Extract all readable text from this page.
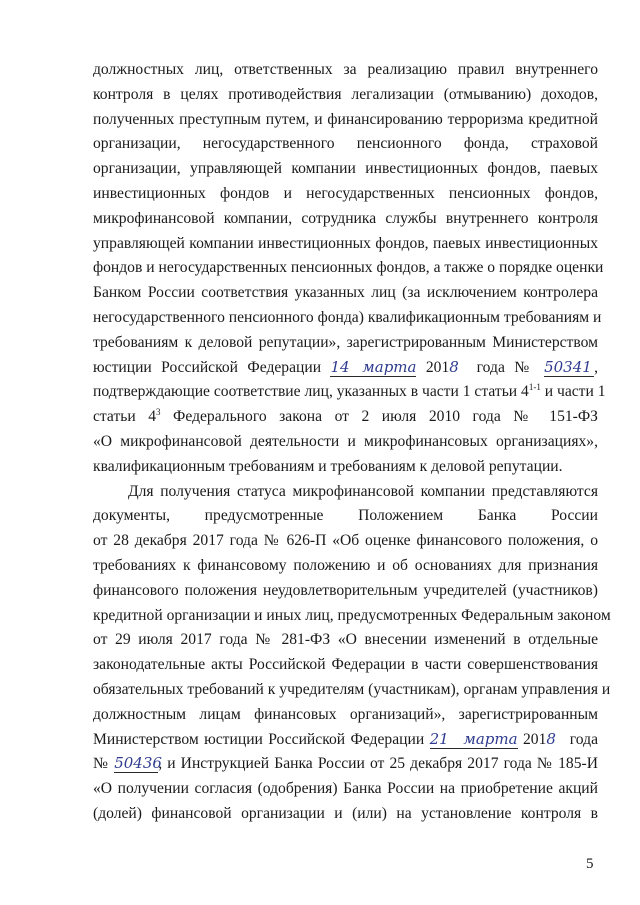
должностных лиц, ответственных за реализацию правил внутреннего
контроля в целях противодействия легализации (отмыванию) доходов,
полученных преступным путем, и финансированию терроризма кредитной
организации, негосударственного пенсионного фонда, страховой
организации, управляющей компании инвестиционных фондов, паевых
инвестиционных фондов и негосударственных пенсионных фондов,
микрофинансовой компании, сотрудника службы внутреннего контроля
управляющей компании инвестиционных фондов, паевых инвестиционных
фондов и негосударственных пенсионных фондов, а также о порядке оценки
Банком России соответствия указанных лиц (за исключением контролера
негосударственного пенсионного фонда) квалификационным требованиям и
требованиям к деловой репутации», зарегистрированным Министерством
юстиции Российской Федерации 14 марта 2018 года № 50341 ,
подтверждающие соответствие лиц, указанных в части 1 статьи 4$^{1-1}$ и части 1
статьи $4^3$ Федерального закона от 2 июля 2010 года № 151-ФЗ
«О микрофинансовой деятельности и микрофинансовых организациях»,
квалификационным требованиям и требованиям к деловой репутации.

Для получения статуса микрофинансовой компании представляются
документы, предусмотренные Положением Банка России
от 28 декабря 2017 года № 626-П «Об оценке финансового положения, о
требованиях к финансовому положению и об основаниях для признания
финансового положения неудовлетворительным учредителей (участников)
кредитной организации и иных лиц, предусмотренных Федеральным законом
от 29 июля 2017 года № 281-ФЗ «О внесении изменений в отдельные
законодательные акты Российской Федерации в части совершенствования
обязательных требований к учредителям (участникам), органам управления и
должностным лицам финансовых организаций», зарегистрированным
Министерством юстиции Российской Федерации 21 марта 2018 года
№ 50436, и Инструкцией Банка России от 25 декабря 2017 года № 185-И
«О получении согласия (одобрения) Банка России на приобретение акций
(долей) финансовой организации и (или) на установление контроля в

5
